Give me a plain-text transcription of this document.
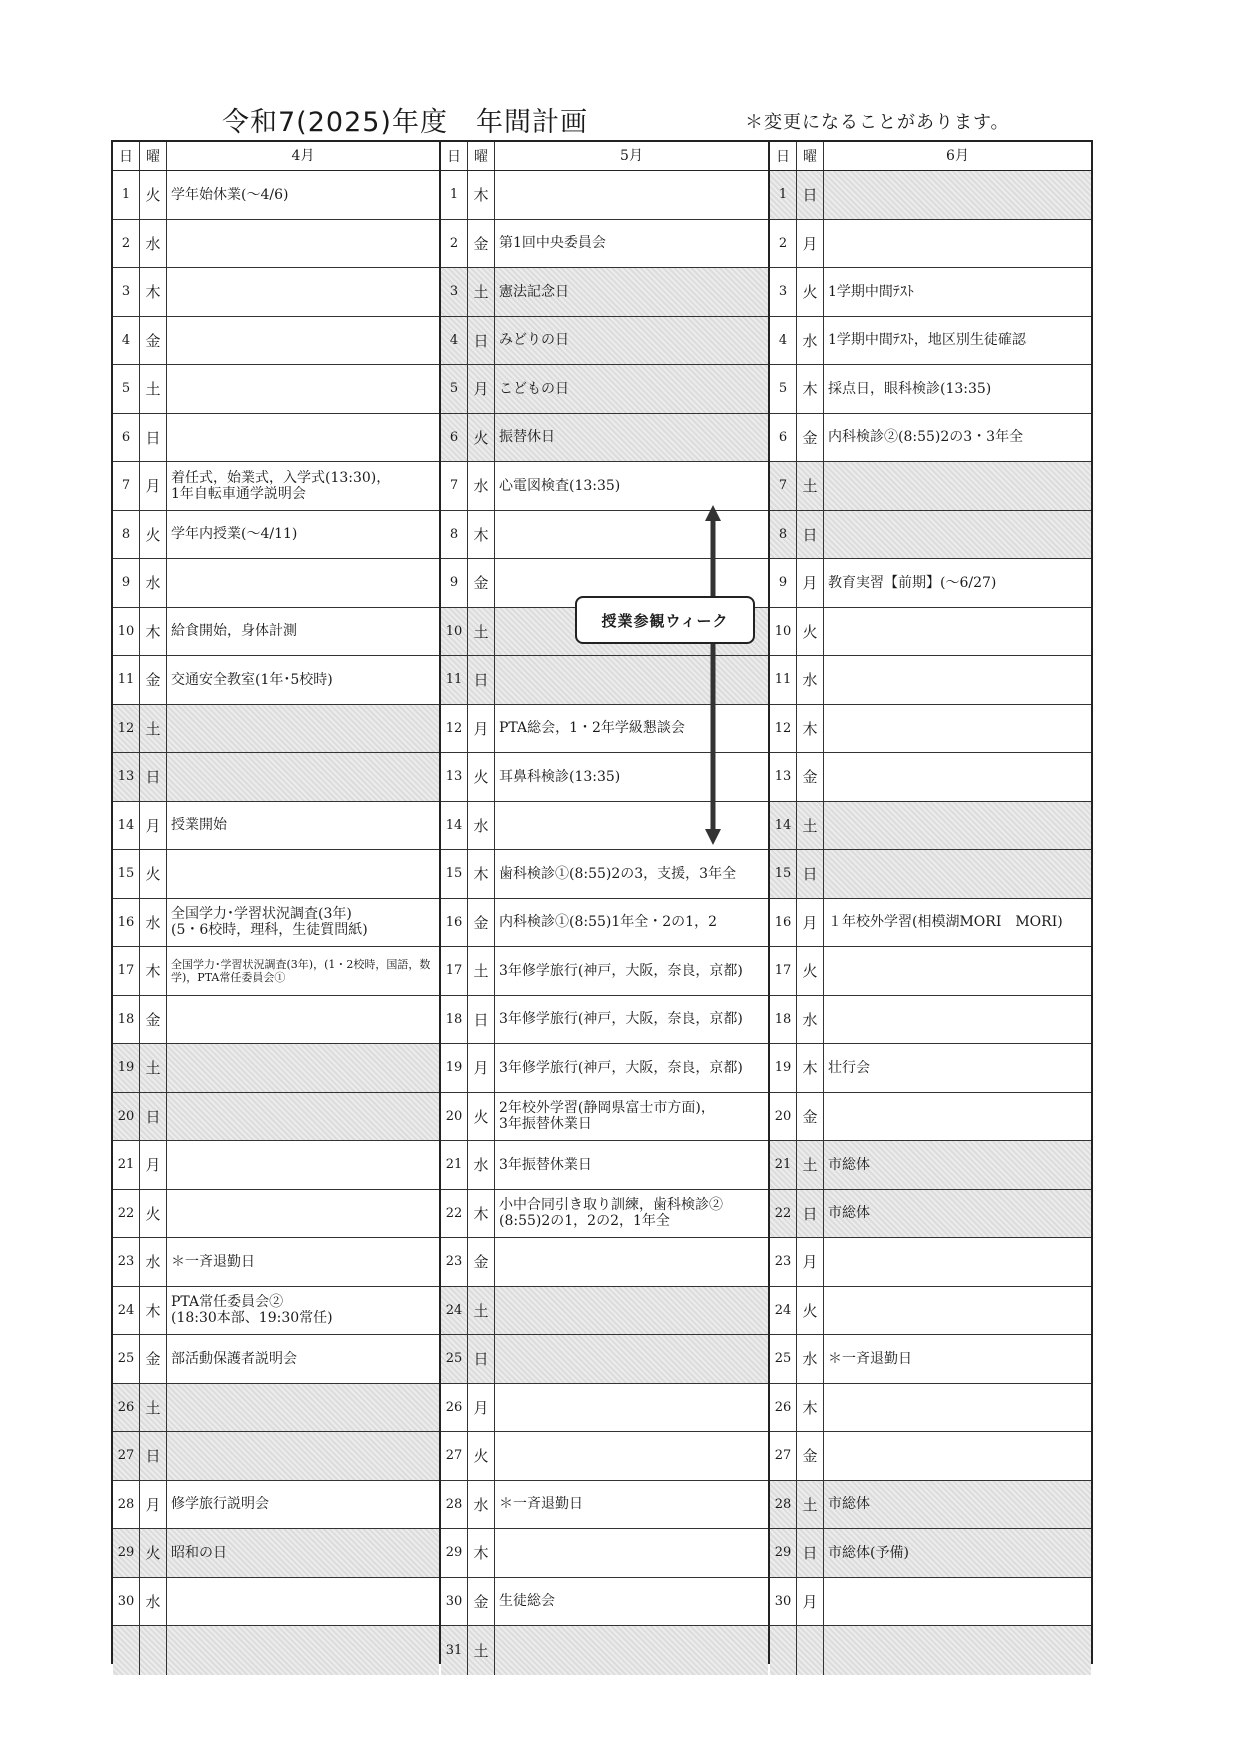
令和7(2025)年度　年間計画	＊変更になることがあります。
日 曜	4月
1	火 学年始休業(～4/6)
2	水
3	木
4	金
5	土
6	日
7	月 着任式，始業式，入学式(13:30)，
1年自転車通学説明会
8	火 学年内授業(～4/11)
9	水
10 木 給食開始，身体計測
11 金 交通安全教室(1年･5校時)
12 土
13 日
14 月 授業開始
15 火
16 水 全国学力･学習状況調査(3年)
(5・6校時，理科，生徒質問紙)
17 木 全国学力･学習状況調査(3年)，(1・2校時，国語，数学)，PTA常任委員会①
18 金
19 土
20 日
21 月
22 火
23 水 ＊一斉退勤日
24 木 PTA常任委員会②
(18:30本部、19:30常任)
25 金 部活動保護者説明会
26 土
27 日
28 月 修学旅行説明会
29 火 昭和の日
30 水
日 曜	5月
1	木
2	金 第1回中央委員会
3	土 憲法記念日
4	日 みどりの日
5	月 こどもの日
6	火 振替休日
7	水 心電図検査(13:35)
8	木
9	金
10 土
11 日
12 月 PTA総会，1・2年学級懇談会
13 火 耳鼻科検診(13:35)
14 水
15 木 歯科検診①(8:55)2の3，支援，3年全
16 金 内科検診①(8:55)1年全・2の1，2
17 土 3年修学旅行(神戸，大阪，奈良，京都)
18 日 3年修学旅行(神戸，大阪，奈良，京都)
19 月 3年修学旅行(神戸，大阪，奈良，京都)
20 火 2年校外学習(静岡県富士市方面)，
3年振替休業日
21 水 3年振替休業日
22 木 小中合同引き取り訓練，歯科検診②
(8:55)2の1，2の2，1年全
23 金
24 土
25 日
26 月
27 火
28 水 ＊一斉退勤日
29 木
30 金 生徒総会
31 土
日 曜	6月
1	日
2	月
3	火 1学期中間ﾃｽﾄ
4	水 1学期中間ﾃｽﾄ，地区別生徒確認
5	木 採点日，眼科検診(13:35)
6	金 内科検診②(8:55)2の3・3年全
7	土
8	日
9	月 教育実習【前期】(～6/27)
10 火
11 水
12 木
13 金
14 土
15 日
16 月 １年校外学習(相模湖MORI　MORI)
17 火
18 水
19 木 壮行会
20 金
21 土 市総体
22 日 市総体
23 月
24 火
25 水 ＊一斉退勤日
26 木
27 金
28 土 市総体
29 日 市総体(予備)
30 月
授業参観ウィーク
